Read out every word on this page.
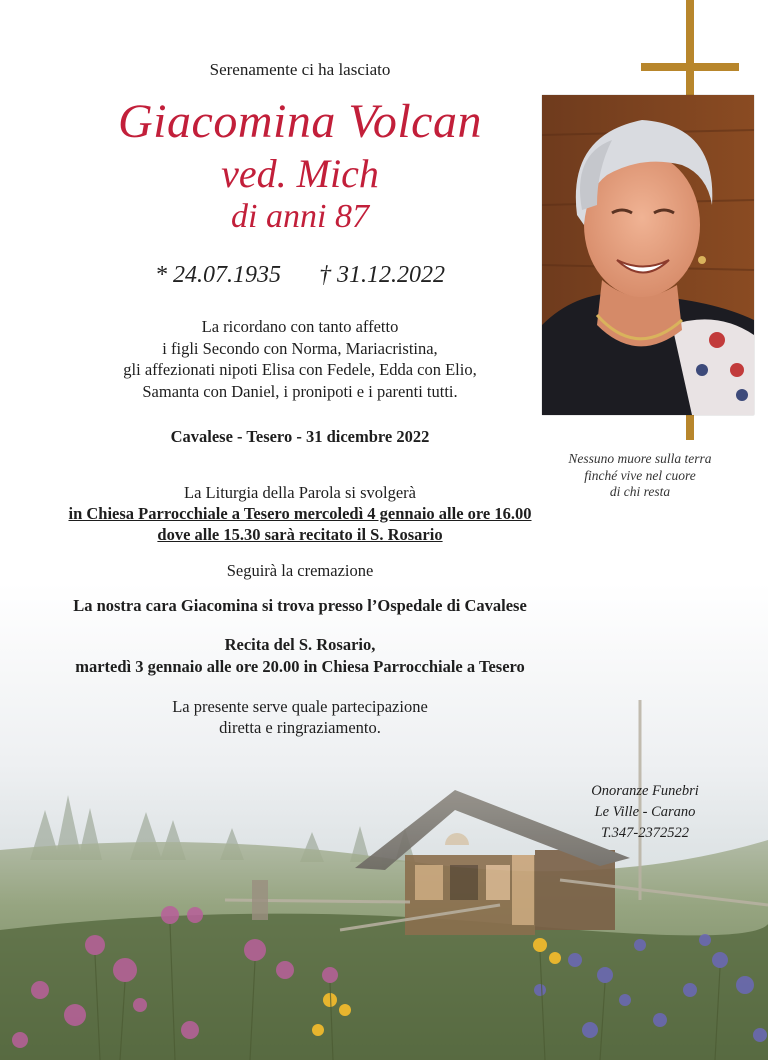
Serenamente ci ha lasciato
Giacomina Volcan
ved. Mich
di anni 87
* 24.07.1935 † 31.12.2022
La ricordano con tanto affetto
i figli Secondo con Norma, Mariacristina,
gli affezionati nipoti Elisa con Fedele, Edda con Elio,
Samanta con Daniel, i pronipoti e i parenti tutti.
Cavalese - Tesero - 31 dicembre 2022
La Liturgia della Parola si svolgerà
in Chiesa Parrocchiale a Tesero mercoledì 4 gennaio alle ore 16.00
dove alle 15.30 sarà recitato il S. Rosario
Seguirà la cremazione
La nostra cara Giacomina si trova presso l’Ospedale di Cavalese
Recita del S. Rosario,
martedì 3 gennaio alle ore 20.00 in Chiesa Parrocchiale a Tesero
La presente serve quale partecipazione
diretta e ringraziamento.
Nessuno muore sulla terra
finché vive nel cuore
di chi resta
Onoranze Funebri
Le Ville - Carano
T.347-2372522
